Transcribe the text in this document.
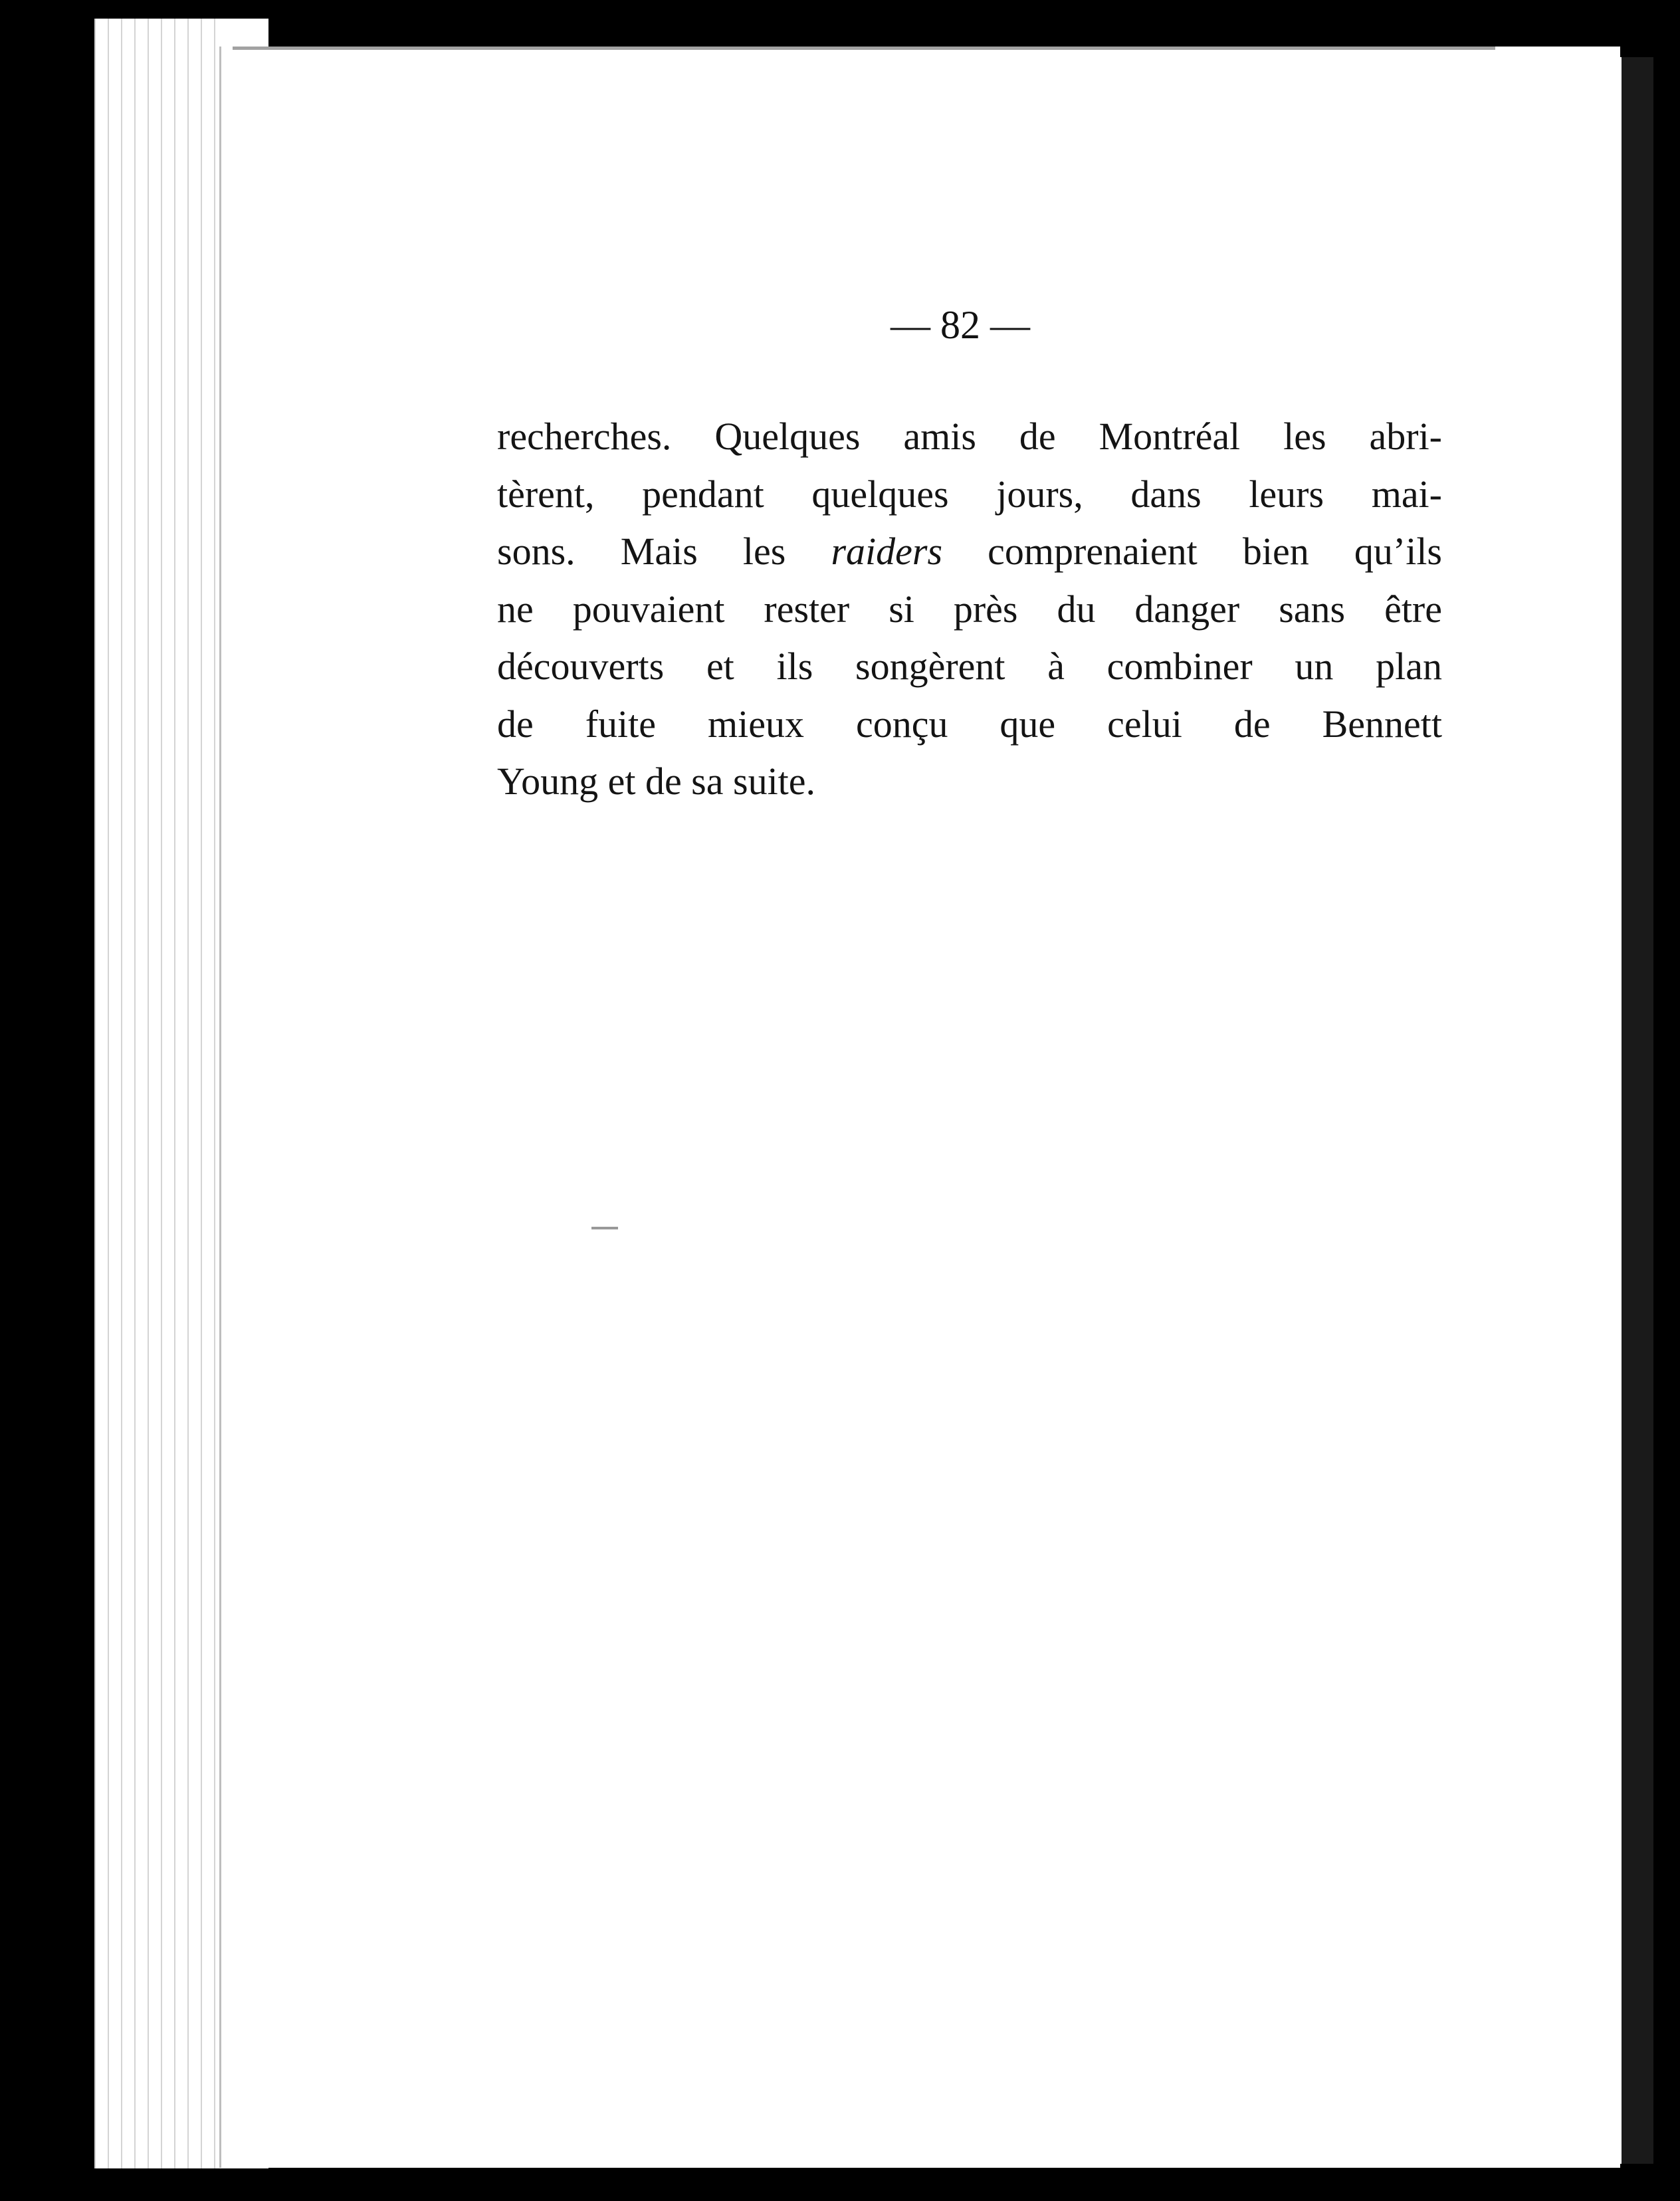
— 82 —
recherches. Quelques amis de Montréal les abri-
tèrent, pendant quelques jours, dans leurs mai-
sons. Mais les raiders comprenaient bien qu’ils
ne pouvaient rester si près du danger sans être
découverts et ils songèrent à combiner un plan
de fuite mieux conçu que celui de Bennett
Young et de sa suite.
